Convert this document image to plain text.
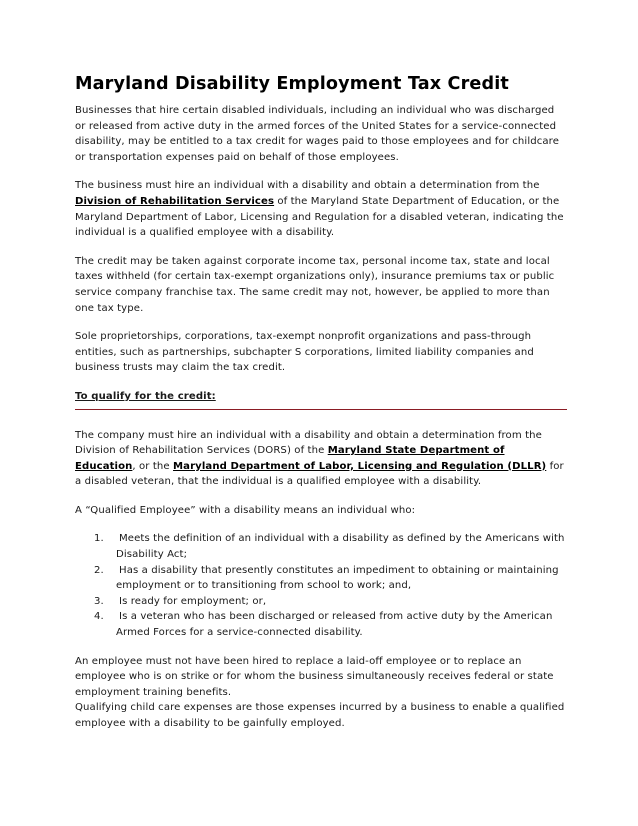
Maryland Disability Employment Tax Credit

Businesses that hire certain disabled individuals, including an individual who was discharged or released from active duty in the armed forces of the United States for a service-connected disability, may be entitled to a tax credit for wages paid to those employees and for childcare or transportation expenses paid on behalf of those employees.

The business must hire an individual with a disability and obtain a determination from the Division of Rehabilitation Services of the Maryland State Department of Education, or the Maryland Department of Labor, Licensing and Regulation for a disabled veteran, indicating the individual is a qualified employee with a disability.

The credit may be taken against corporate income tax, personal income tax, state and local taxes withheld (for certain tax-exempt organizations only), insurance premiums tax or public service company franchise tax. The same credit may not, however, be applied to more than one tax type.

Sole proprietorships, corporations, tax-exempt nonprofit organizations and pass-through entities, such as partnerships, subchapter S corporations, limited liability companies and business trusts may claim the tax credit.

To qualify for the credit:

The company must hire an individual with a disability and obtain a determination from the Division of Rehabilitation Services (DORS) of the Maryland State Department of Education, or the Maryland Department of Labor, Licensing and Regulation (DLLR) for a disabled veteran, that the individual is a qualified employee with a disability.

A “Qualified Employee” with a disability means an individual who:

1. Meets the definition of an individual with a disability as defined by the Americans with Disability Act;
2. Has a disability that presently constitutes an impediment to obtaining or maintaining employment or to transitioning from school to work; and,
3. Is ready for employment; or,
4. Is a veteran who has been discharged or released from active duty by the American Armed Forces for a service-connected disability.

An employee must not have been hired to replace a laid-off employee or to replace an employee who is on strike or for whom the business simultaneously receives federal or state employment training benefits.

Qualifying child care expenses are those expenses incurred by a business to enable a qualified employee with a disability to be gainfully employed.
